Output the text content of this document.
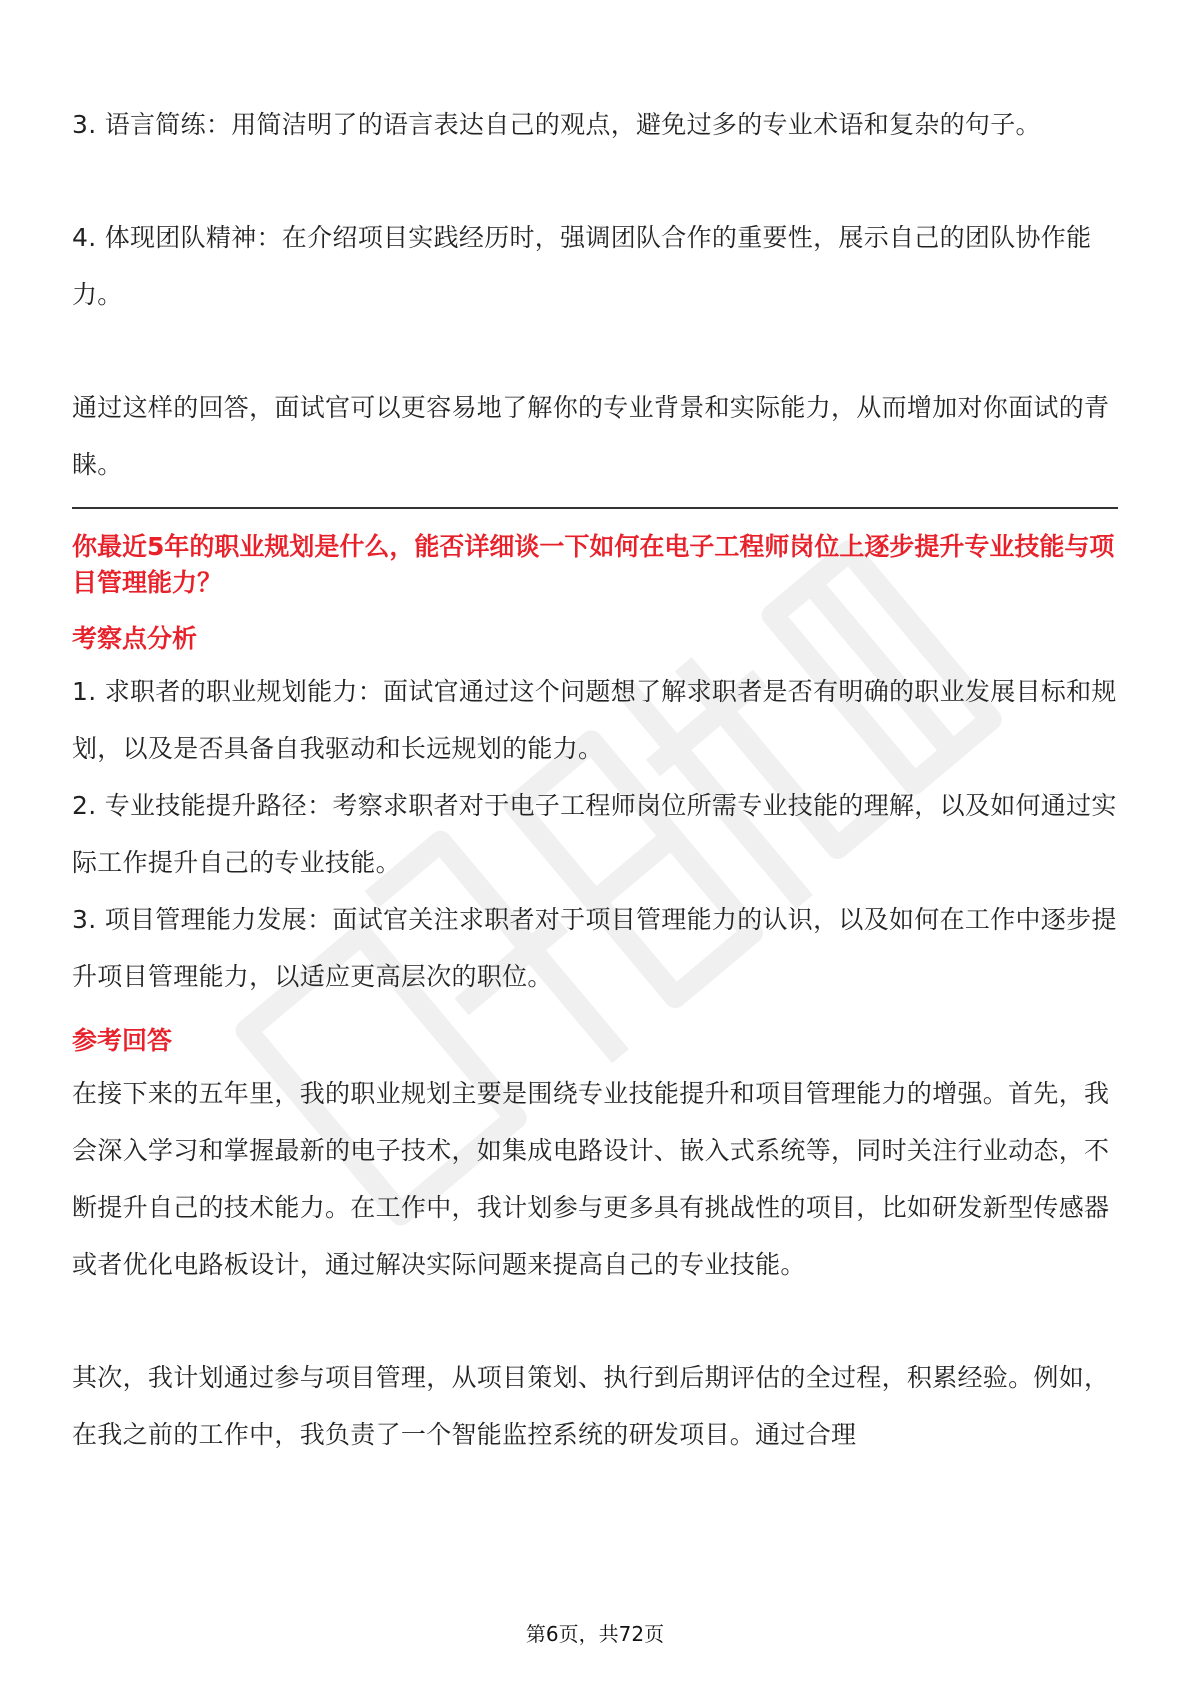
3. 语言简练：用简洁明了的语言表达自己的观点，避免过多的专业术语和复杂的句子。

4. 体现团队精神：在介绍项目实践经历时，强调团队合作的重要性，展示自己的团队协作能力。

通过这样的回答，面试官可以更容易地了解你的专业背景和实际能力，从而增加对你面试的青睐。

你最近5年的职业规划是什么，能否详细谈一下如何在电子工程师岗位上逐步提升专业技能与项目管理能力？
考察点分析

1. 求职者的职业规划能力：面试官通过这个问题想了解求职者是否有明确的职业发展目标和规划，以及是否具备自我驱动和长远规划的能力。

2. 专业技能提升路径：考察求职者对于电子工程师岗位所需专业技能的理解，以及如何通过实际工作提升自己的专业技能。

3. 项目管理能力发展：面试官关注求职者对于项目管理能力的认识，以及如何在工作中逐步提升项目管理能力，以适应更高层次的职位。

参考回答

在接下来的五年里，我的职业规划主要是围绕专业技能提升和项目管理能力的增强。首先，我会深入学习和掌握最新的电子技术，如集成电路设计、嵌入式系统等，同时关注行业动态，不断提升自己的技术能力。在工作中，我计划参与更多具有挑战性的项目，比如研发新型传感器或者优化电路板设计，通过解决实际问题来提高自己的专业技能。

其次，我计划通过参与项目管理，从项目策划、执行到后期评估的全过程，积累经验。例如，在我之前的工作中，我负责了一个智能监控系统的研发项目。通过合理

第6页，共72页
